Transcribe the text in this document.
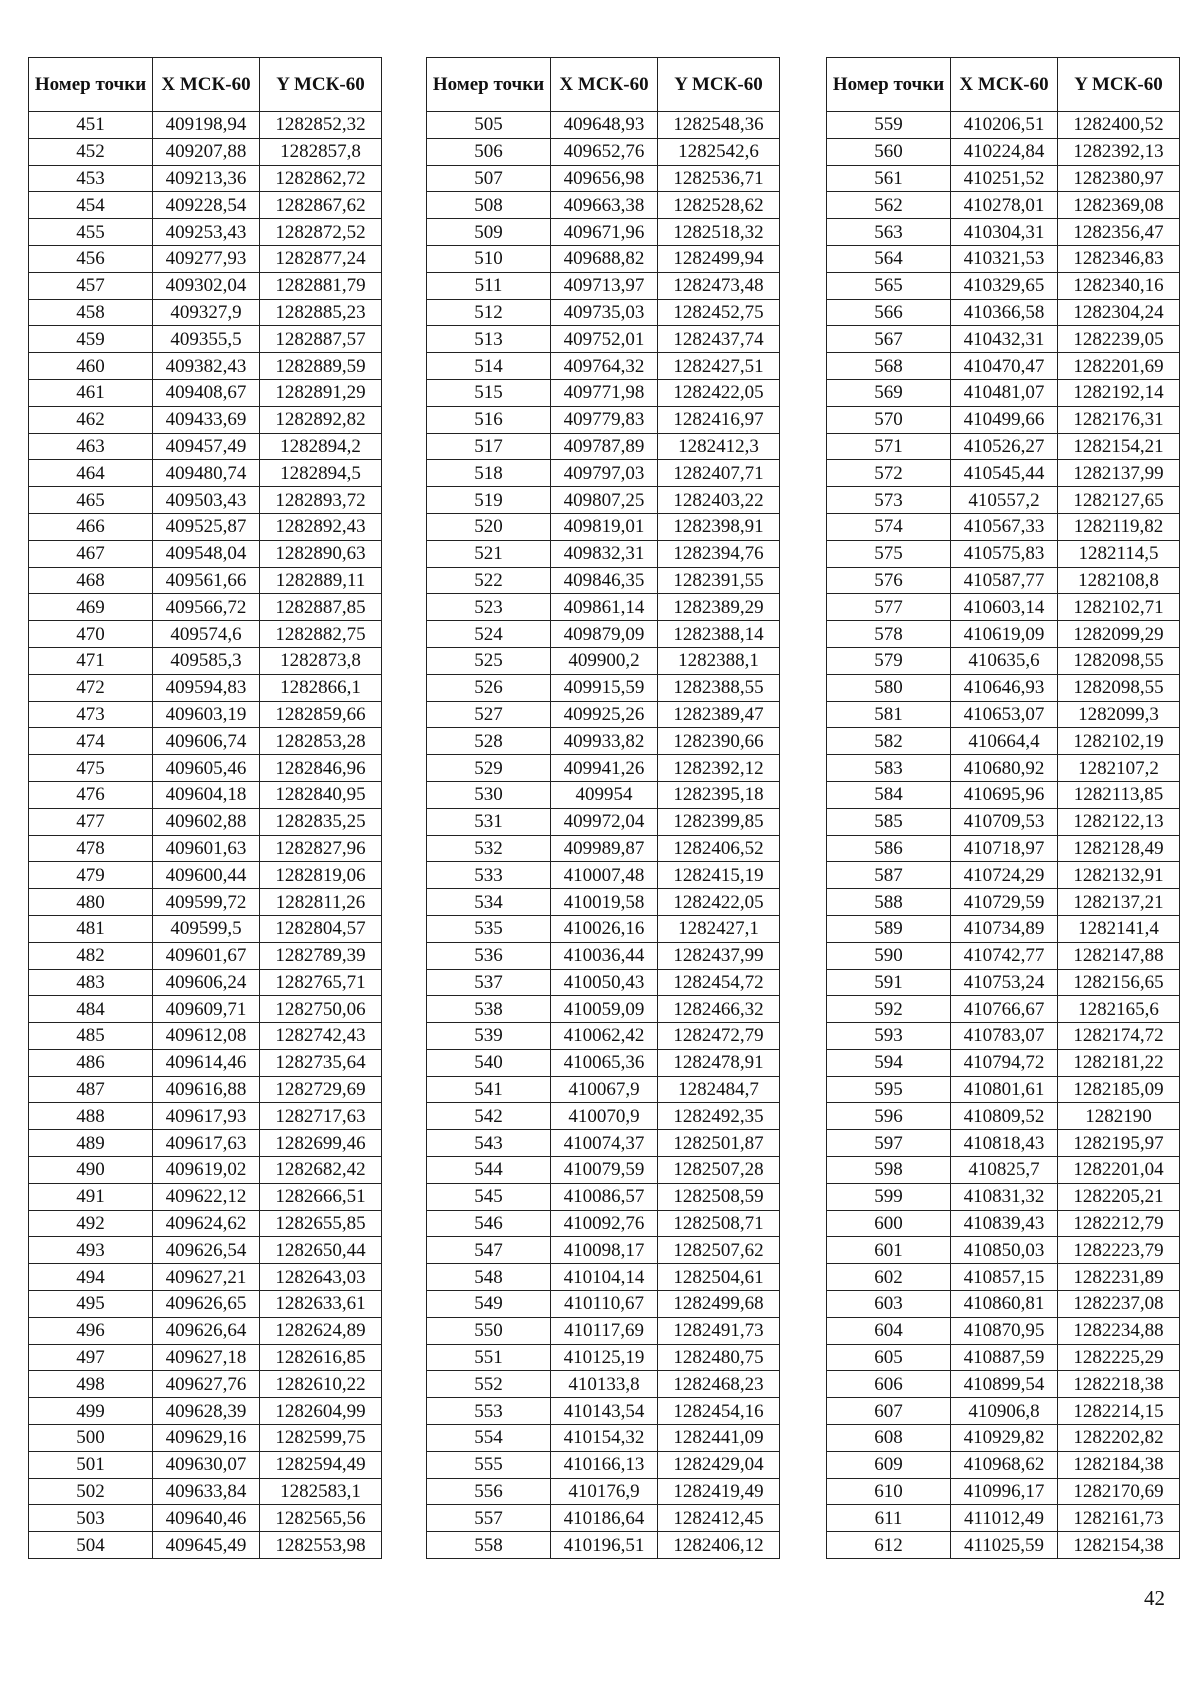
Номер точки	X МСК-60	Y МСК-60
451	409198,94	1282852,32
452	409207,88	1282857,8
453	409213,36	1282862,72
454	409228,54	1282867,62
455	409253,43	1282872,52
456	409277,93	1282877,24
457	409302,04	1282881,79
458	409327,9	1282885,23
459	409355,5	1282887,57
460	409382,43	1282889,59
461	409408,67	1282891,29
462	409433,69	1282892,82
463	409457,49	1282894,2
464	409480,74	1282894,5
465	409503,43	1282893,72
466	409525,87	1282892,43
467	409548,04	1282890,63
468	409561,66	1282889,11
469	409566,72	1282887,85
470	409574,6	1282882,75
471	409585,3	1282873,8
472	409594,83	1282866,1
473	409603,19	1282859,66
474	409606,74	1282853,28
475	409605,46	1282846,96
476	409604,18	1282840,95
477	409602,88	1282835,25
478	409601,63	1282827,96
479	409600,44	1282819,06
480	409599,72	1282811,26
481	409599,5	1282804,57
482	409601,67	1282789,39
483	409606,24	1282765,71
484	409609,71	1282750,06
485	409612,08	1282742,43
486	409614,46	1282735,64
487	409616,88	1282729,69
488	409617,93	1282717,63
489	409617,63	1282699,46
490	409619,02	1282682,42
491	409622,12	1282666,51
492	409624,62	1282655,85
493	409626,54	1282650,44
494	409627,21	1282643,03
495	409626,65	1282633,61
496	409626,64	1282624,89
497	409627,18	1282616,85
498	409627,76	1282610,22
499	409628,39	1282604,99
500	409629,16	1282599,75
501	409630,07	1282594,49
502	409633,84	1282583,1
503	409640,46	1282565,56
504	409645,49	1282553,98
Номер точки	X МСК-60	Y МСК-60
505	409648,93	1282548,36
506	409652,76	1282542,6
507	409656,98	1282536,71
508	409663,38	1282528,62
509	409671,96	1282518,32
510	409688,82	1282499,94
511	409713,97	1282473,48
512	409735,03	1282452,75
513	409752,01	1282437,74
514	409764,32	1282427,51
515	409771,98	1282422,05
516	409779,83	1282416,97
517	409787,89	1282412,3
518	409797,03	1282407,71
519	409807,25	1282403,22
520	409819,01	1282398,91
521	409832,31	1282394,76
522	409846,35	1282391,55
523	409861,14	1282389,29
524	409879,09	1282388,14
525	409900,2	1282388,1
526	409915,59	1282388,55
527	409925,26	1282389,47
528	409933,82	1282390,66
529	409941,26	1282392,12
530	409954	1282395,18
531	409972,04	1282399,85
532	409989,87	1282406,52
533	410007,48	1282415,19
534	410019,58	1282422,05
535	410026,16	1282427,1
536	410036,44	1282437,99
537	410050,43	1282454,72
538	410059,09	1282466,32
539	410062,42	1282472,79
540	410065,36	1282478,91
541	410067,9	1282484,7
542	410070,9	1282492,35
543	410074,37	1282501,87
544	410079,59	1282507,28
545	410086,57	1282508,59
546	410092,76	1282508,71
547	410098,17	1282507,62
548	410104,14	1282504,61
549	410110,67	1282499,68
550	410117,69	1282491,73
551	410125,19	1282480,75
552	410133,8	1282468,23
553	410143,54	1282454,16
554	410154,32	1282441,09
555	410166,13	1282429,04
556	410176,9	1282419,49
557	410186,64	1282412,45
558	410196,51	1282406,12
Номер точки	X МСК-60	Y МСК-60
559	410206,51	1282400,52
560	410224,84	1282392,13
561	410251,52	1282380,97
562	410278,01	1282369,08
563	410304,31	1282356,47
564	410321,53	1282346,83
565	410329,65	1282340,16
566	410366,58	1282304,24
567	410432,31	1282239,05
568	410470,47	1282201,69
569	410481,07	1282192,14
570	410499,66	1282176,31
571	410526,27	1282154,21
572	410545,44	1282137,99
573	410557,2	1282127,65
574	410567,33	1282119,82
575	410575,83	1282114,5
576	410587,77	1282108,8
577	410603,14	1282102,71
578	410619,09	1282099,29
579	410635,6	1282098,55
580	410646,93	1282098,55
581	410653,07	1282099,3
582	410664,4	1282102,19
583	410680,92	1282107,2
584	410695,96	1282113,85
585	410709,53	1282122,13
586	410718,97	1282128,49
587	410724,29	1282132,91
588	410729,59	1282137,21
589	410734,89	1282141,4
590	410742,77	1282147,88
591	410753,24	1282156,65
592	410766,67	1282165,6
593	410783,07	1282174,72
594	410794,72	1282181,22
595	410801,61	1282185,09
596	410809,52	1282190
597	410818,43	1282195,97
598	410825,7	1282201,04
599	410831,32	1282205,21
600	410839,43	1282212,79
601	410850,03	1282223,79
602	410857,15	1282231,89
603	410860,81	1282237,08
604	410870,95	1282234,88
605	410887,59	1282225,29
606	410899,54	1282218,38
607	410906,8	1282214,15
608	410929,82	1282202,82
609	410968,62	1282184,38
610	410996,17	1282170,69
611	411012,49	1282161,73
612	411025,59	1282154,38
42
